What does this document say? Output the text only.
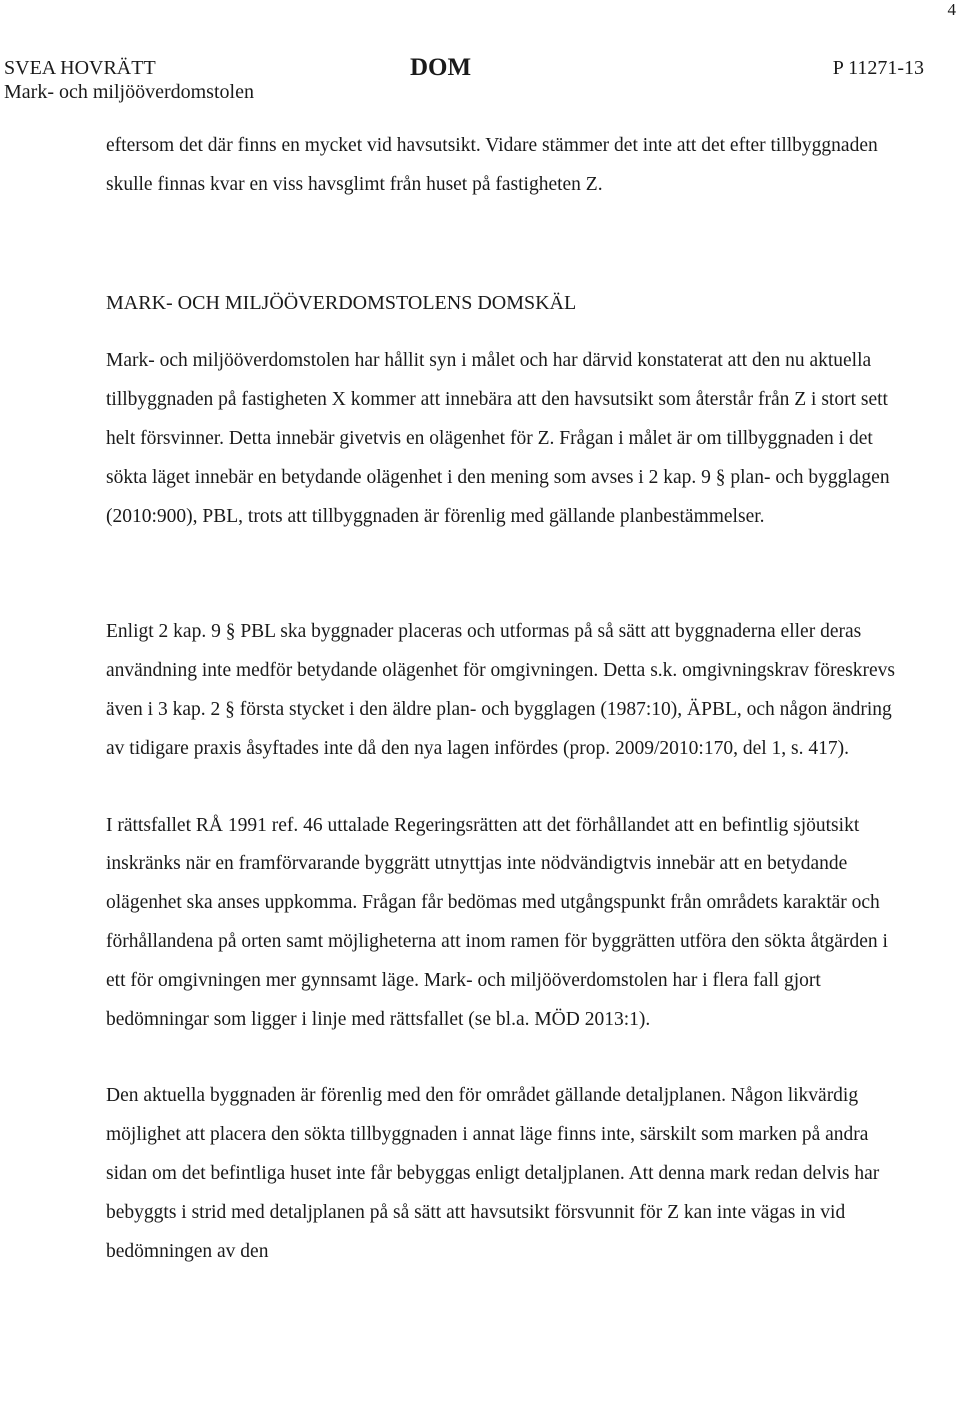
4
SVEA HOVRÄTT
Mark- och miljööverdomstolen
DOM	P 11271-13

eftersom det där finns en mycket vid havsutsikt. Vidare stämmer det inte att det efter tillbyggnaden skulle finnas kvar en viss havsglimt från huset på fastigheten Z.

MARK- OCH MILJÖÖVERDOMSTOLENS DOMSKÄL

Mark- och miljööverdomstolen har hållit syn i målet och har därvid konstaterat att den nu aktuella tillbyggnaden på fastigheten X kommer att innebära att den havsutsikt som återstår från Z i stort sett helt försvinner. Detta innebär givetvis en olägenhet för Z. Frågan i målet är om tillbyggnaden i det sökta läget innebär en betydande olägenhet i den mening som avses i 2 kap. 9 § plan- och bygglagen (2010:900), PBL, trots att tillbyggnaden är förenlig med gällande planbestämmelser.

Enligt 2 kap. 9 § PBL ska byggnader placeras och utformas på så sätt att byggnaderna eller deras användning inte medför betydande olägenhet för omgivningen. Detta s.k. omgivningskrav föreskrevs även i 3 kap. 2 § första stycket i den äldre plan- och bygglagen (1987:10), ÄPBL, och någon ändring av tidigare praxis åsyftades inte då den nya lagen infördes (prop. 2009/2010:170, del 1, s. 417).

I rättsfallet RÅ 1991 ref. 46 uttalade Regeringsrätten att det förhållandet att en befintlig sjöutsikt inskränks när en framförvarande byggrätt utnyttjas inte nödvändigtvis innebär att en betydande olägenhet ska anses uppkomma. Frågan får bedömas med utgångspunkt från områdets karaktär och förhållandena på orten samt möjligheterna att inom ramen för byggrätten utföra den sökta åtgärden i ett för omgivningen mer gynnsamt läge. Mark- och miljööverdomstolen har i flera fall gjort bedömningar som ligger i linje med rättsfallet (se bl.a. MÖD 2013:1).

Den aktuella byggnaden är förenlig med den för området gällande detaljplanen. Någon likvärdig möjlighet att placera den sökta tillbyggnaden i annat läge finns inte, särskilt som marken på andra sidan om det befintliga huset inte får bebyggas enligt detaljplanen. Att denna mark redan delvis har bebyggts i strid med detaljplanen på så sätt att havsutsikt försvunnit för Z kan inte vägas in vid bedömningen av den
